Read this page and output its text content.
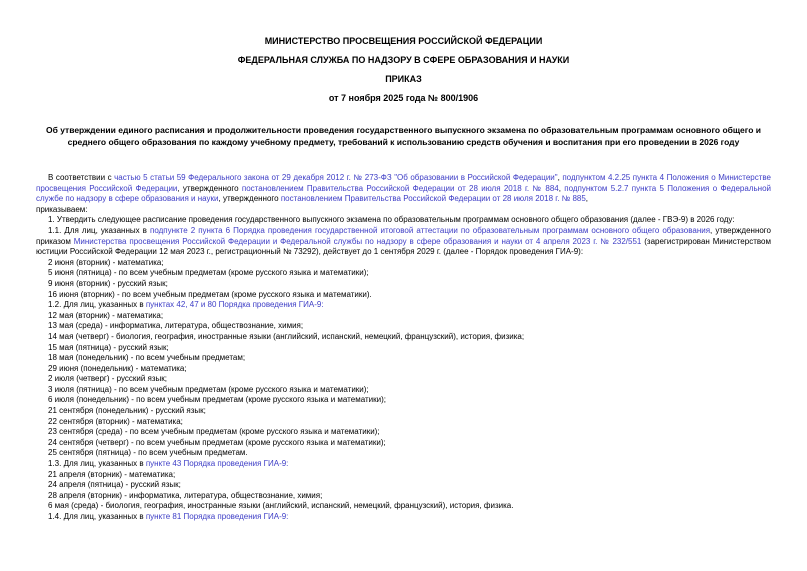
МИНИСТЕРСТВО ПРОСВЕЩЕНИЯ РОССИЙСКОЙ ФЕДЕРАЦИИ
ФЕДЕРАЛЬНАЯ СЛУЖБА ПО НАДЗОРУ В СФЕРЕ ОБРАЗОВАНИЯ И НАУКИ
ПРИКАЗ
от 7 ноября 2025 года № 800/1906
Об утверждении единого расписания и продолжительности проведения государственного выпускного экзамена по образовательным программам основного общего и среднего общего образования по каждому учебному предмету, требований к использованию средств обучения и воспитания при его проведении в 2026 году

В соответствии с частью 5 статьи 59 Федерального закона от 29 декабря 2012 г. № 273-ФЗ "Об образовании в Российской Федерации", подпунктом 4.2.25 пункта 4 Положения о Министерстве просвещения Российской Федерации, утвержденного постановлением Правительства Российской Федерации от 28 июля 2018 г. № 884, подпунктом 5.2.7 пункта 5 Положения о Федеральной службе по надзору в сфере образования и науки, утвержденного постановлением Правительства Российской Федерации от 28 июля 2018 г. № 885,

приказываем:

1. Утвердить следующее расписание проведения государственного выпускного экзамена по образовательным программам основного общего образования (далее - ГВЭ-9) в 2026 году:

1.1. Для лиц, указанных в подпункте 2 пункта 6 Порядка проведения государственной итоговой аттестации по образовательным программам основного общего образования, утвержденного приказом Министерства просвещения Российской Федерации и Федеральной службы по надзору в сфере образования и науки от 4 апреля 2023 г. № 232/551 (зарегистрирован Министерством юстиции Российской Федерации 12 мая 2023 г., регистрационный № 73292), действует до 1 сентября 2029 г. (далее - Порядок проведения ГИА-9):

2 июня (вторник) - математика;

5 июня (пятница) - по всем учебным предметам (кроме русского языка и математики);

9 июня (вторник) - русский язык;

16 июня (вторник) - по всем учебным предметам (кроме русского языка и математики).

1.2. Для лиц, указанных в пунктах 42, 47 и 80 Порядка проведения ГИА-9:

12 мая (вторник) - математика;

13 мая (среда) - информатика, литература, обществознание, химия;

14 мая (четверг) - биология, география, иностранные языки (английский, испанский, немецкий, французский), история, физика;

15 мая (пятница) - русский язык;

18 мая (понедельник) - по всем учебным предметам;

29 июня (понедельник) - математика;

2 июля (четверг) - русский язык;

3 июля (пятница) - по всем учебным предметам (кроме русского языка и математики);

6 июля (понедельник) - по всем учебным предметам (кроме русского языка и математики);

21 сентября (понедельник) - русский язык;

22 сентября (вторник) - математика;

23 сентября (среда) - по всем учебным предметам (кроме русского языка и математики);

24 сентября (четверг) - по всем учебным предметам (кроме русского языка и математики);

25 сентября (пятница) - по всем учебным предметам.

1.3. Для лиц, указанных в пункте 43 Порядка проведения ГИА-9:

21 апреля (вторник) - математика;

24 апреля (пятница) - русский язык;

28 апреля (вторник) - информатика, литература, обществознание, химия;

6 мая (среда) - биология, география, иностранные языки (английский, испанский, немецкий, французский), история, физика.

1.4. Для лиц, указанных в пункте 81 Порядка проведения ГИА-9:
